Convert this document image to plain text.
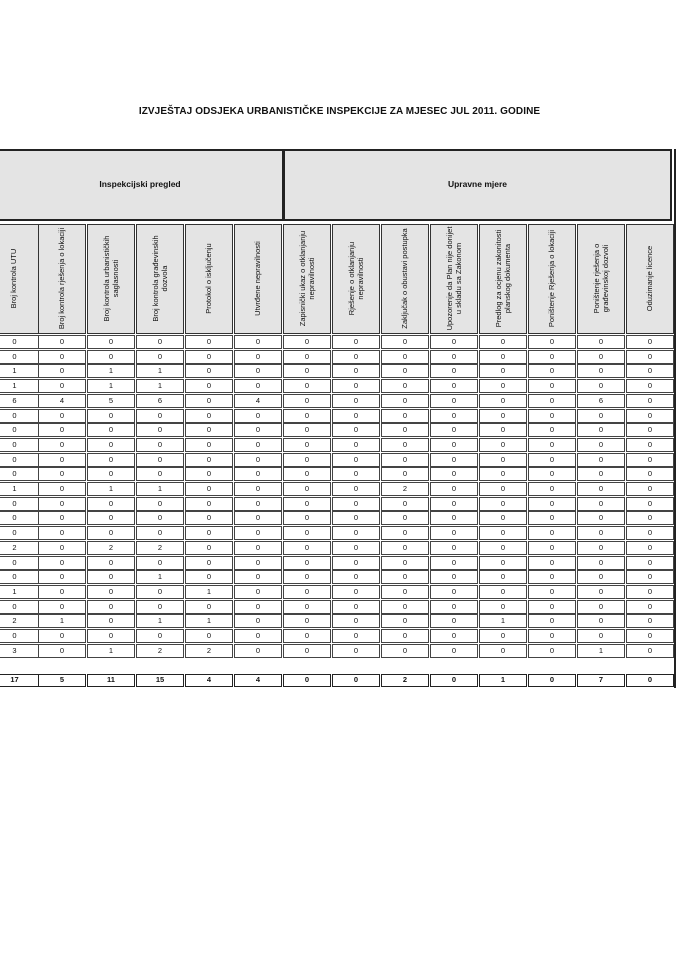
IZVJEŠTAJ ODSJEKA URBANISTIČKE INSPEKCIJE ZA MJESEC JUL 2011. GODINE
Inspekcijski pregled	Upravne mjere
Broj kontrola UTU	Broj kontrola rješenja o lokaciji	Broj kontrola urbanističkih saglasnosti	Broj kontrola građevinskih dozvola	Protokol o isključenju	Utvrđene nepravilnosti	Zapisnički ukaz o otklanjanju nepravilnosti	Rješenje o otklanjanju nepravilnosti	Zaključak o obustavi postupka	Upozorenje da Plan nije donijet u skladu sa Zakonom	Predlog za ocjenu zakonitosti planskog dokumenta	Poništenje Rješenja o lokaciji	Poništenje rješenja o građevinskoj dozvoli	Oduzimanje licence
0	0	0	0	0	0	0	0	0	0	0	0	0	0
0	0	0	0	0	0	0	0	0	0	0	0	0	0
1	0	1	1	0	0	0	0	0	0	0	0	0	0
1	0	1	1	0	0	0	0	0	0	0	0	0	0
6	4	5	6	0	4	0	0	0	0	0	0	6	0
0	0	0	0	0	0	0	0	0	0	0	0	0	0
0	0	0	0	0	0	0	0	0	0	0	0	0	0
0	0	0	0	0	0	0	0	0	0	0	0	0	0
0	0	0	0	0	0	0	0	0	0	0	0	0	0
0	0	0	0	0	0	0	0	0	0	0	0	0	0
1	0	1	1	0	0	0	0	2	0	0	0	0	0
0	0	0	0	0	0	0	0	0	0	0	0	0	0
0	0	0	0	0	0	0	0	0	0	0	0	0	0
0	0	0	0	0	0	0	0	0	0	0	0	0	0
2	0	2	2	0	0	0	0	0	0	0	0	0	0
0	0	0	0	0	0	0	0	0	0	0	0	0	0
0	0	0	1	0	0	0	0	0	0	0	0	0	0
1	0	0	0	1	0	0	0	0	0	0	0	0	0
0	0	0	0	0	0	0	0	0	0	0	0	0	0
2	1	0	1	1	0	0	0	0	0	1	0	0	0
0	0	0	0	0	0	0	0	0	0	0	0	0	0
3	0	1	2	2	0	0	0	0	0	0	0	1	0
17	5	11	15	4	4	0	0	2	0	1	0	7	0
